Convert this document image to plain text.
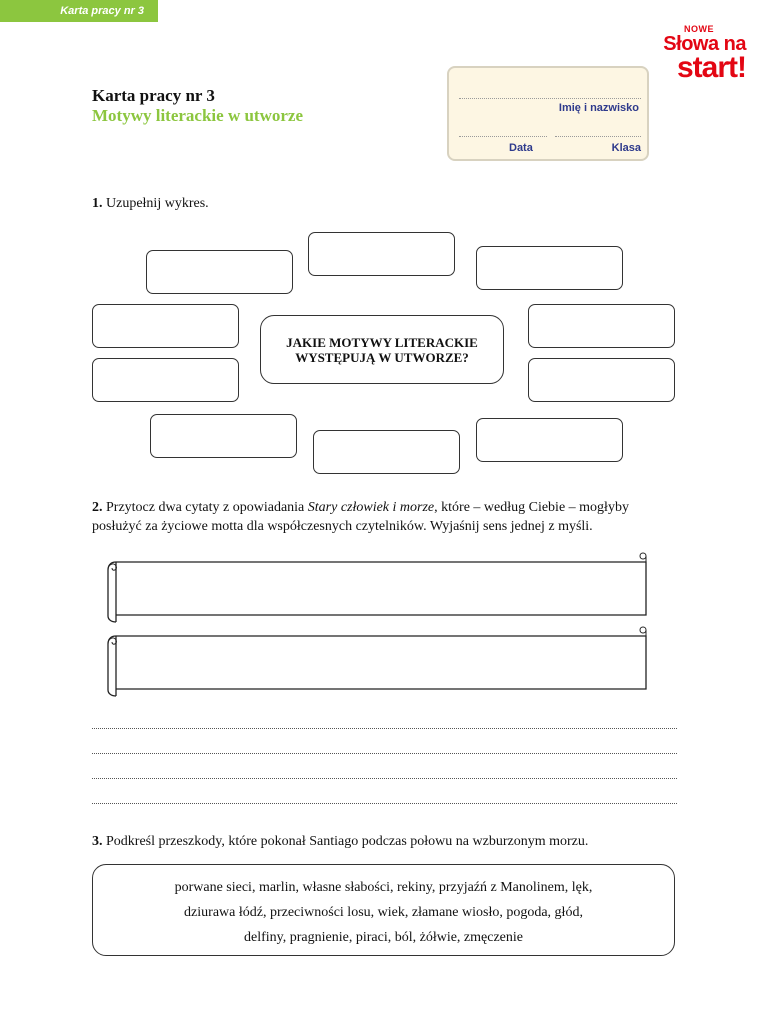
Karta pracy nr 3
NOWE
Słowa na
start!
Karta pracy nr 3
Motywy literackie w utworze	Imię i nazwisko
Data	Klasa
1. Uzupełnij wykres.
JAKIE MOTYWY LITERACKIE WYSTĘPUJĄ W UTWORZE?
2. Przytocz dwa cytaty z opowiadania Stary człowiek i morze, które – według Ciebie – mogłyby posłużyć za życiowe motta dla współczesnych czytelników. Wyjaśnij sens jednej z myśli.
3. Podkreśl przeszkody, które pokonał Santiago podczas połowu na wzburzonym morzu.
porwane sieci, marlin, własne słabości, rekiny, przyjaźń z Manolinem, lęk,
dziurawa łódź, przeciwności losu, wiek, złamane wiosło, pogoda, głód,
delfiny, pragnienie, piraci, ból, żółwie, zmęczenie
